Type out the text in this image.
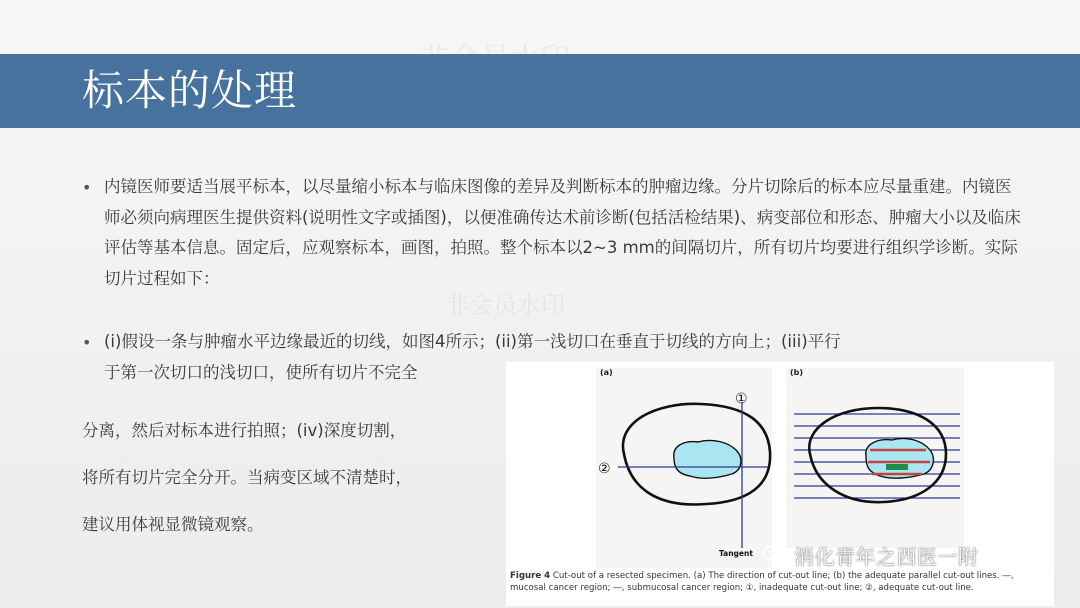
标本的处理
• 内镜医师要适当展平标本，以尽量缩小标本与临床图像的差异及判断标本的肿瘤边缘。分片切除后的标本应尽量重建。内镜医师必须向病理医生提供资料(说明性文字或插图)，以便准确传达术前诊断(包括活检结果)、病变部位和形态、肿瘤大小以及临床评估等基本信息。固定后，应观察标本，画图，拍照。整个标本以2~3 mm的间隔切片，所有切片均要进行组织学诊断。实际切片过程如下：
• (i)假设一条与肿瘤水平边缘最近的切线，如图4所示；(ii)第一浅切口在垂直于切线的方向上；(iii)平行
于第一次切口的浅切口，使所有切片不完全
分离，然后对标本进行拍照；(iv)深度切割，
将所有切片完全分开。当病变区域不清楚时，
建议用体视显微镜观察。
非会员水印
(a)
①
②
Tangent
(b)
Figure 4 Cut-out of a resected specimen. (a) The direction of cut-out line; (b) the adequate parallel cut-out lines. ―, mucosal cancer region; ―, submucosal cancer region; ①, inadequate cut-out line; ②, adequate cut-out line.
消化青年之西医一附
